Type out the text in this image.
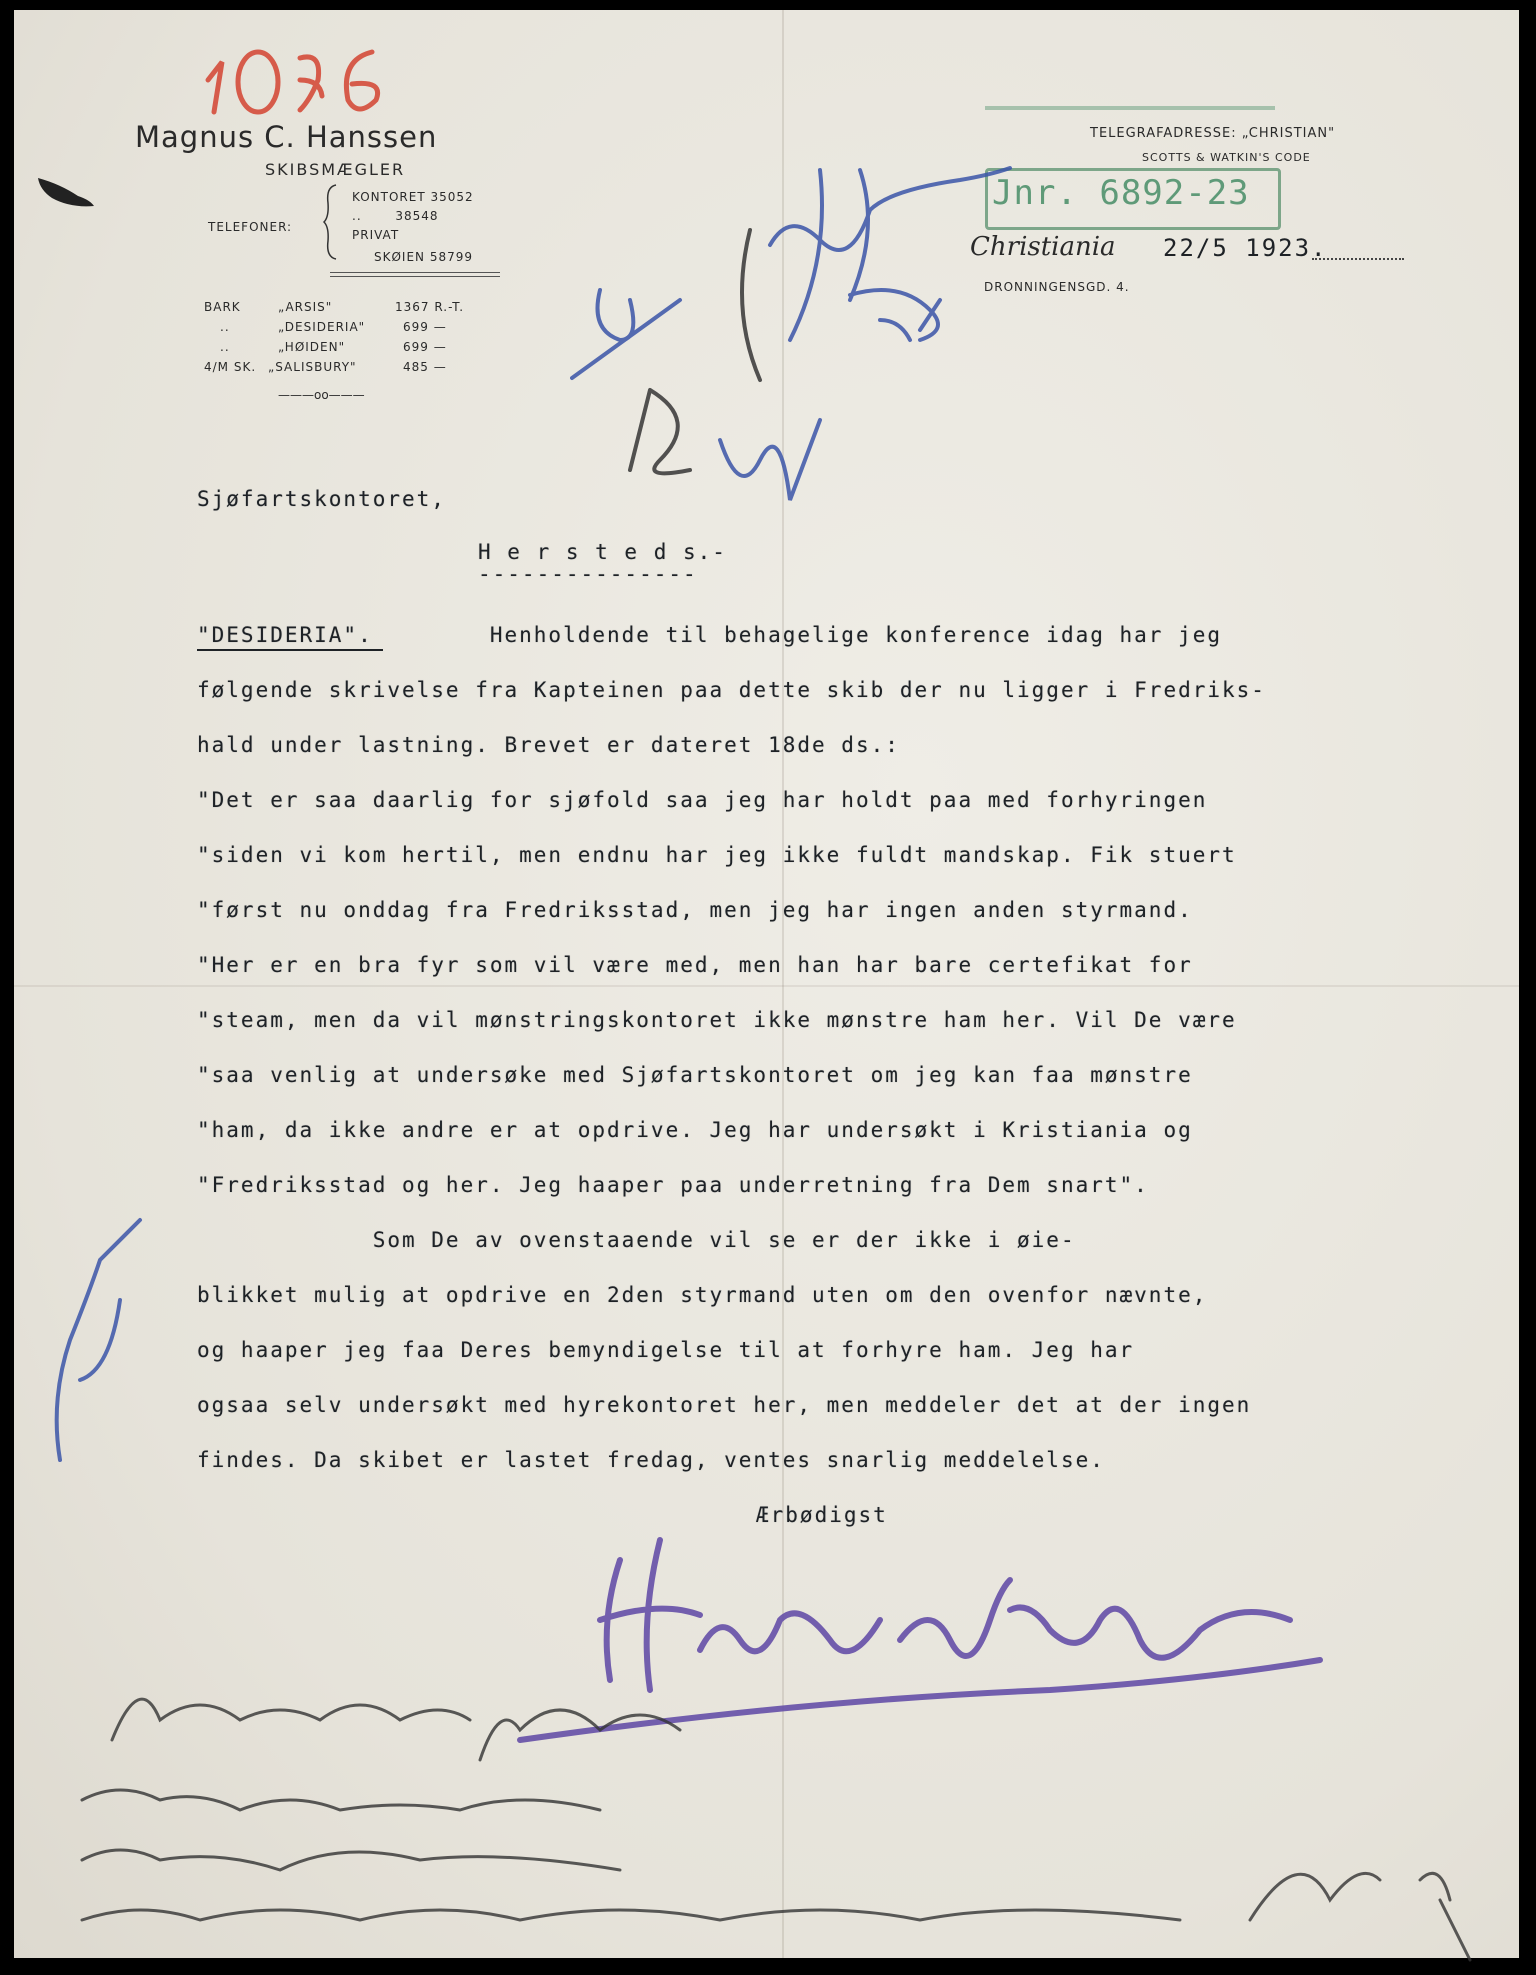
Magnus C. Hanssen
SKIBSMÆGLER
TELEFONER:
KONTORET 35052
..       38548
PRIVAT
SKØIEN 58799
BARK	„ARSIS"	1367 R.-T.
..	„DESIDERIA"	699 —
..	„HØIDEN"	699 —
4/M SK. „SALISBURY"	485 —
———oo———
TELEGRAFADRESSE: „CHRISTIAN"
SCOTTS & WATKIN'S CODE
Christiania 22/5 1923.
DRONNINGENSGD. 4.
Jnr. 6892-23
Sjøfartskontoret,
H e r s t e d s.-
---------------
"DESIDERIA".        Henholdende til behagelige konference idag har jeg
følgende skrivelse fra Kapteinen paa dette skib der nu ligger i Fredriks-
hald under lastning. Brevet er dateret 18de ds.:
"Det er saa daarlig for sjøfold saa jeg har holdt paa med forhyringen
"siden vi kom hertil, men endnu har jeg ikke fuldt mandskap. Fik stuert
"først nu onddag fra Fredriksstad, men jeg har ingen anden styrmand.
"Her er en bra fyr som vil være med, men han har bare certefikat for
"steam, men da vil mønstringskontoret ikke mønstre ham her. Vil De være
"saa venlig at undersøke med Sjøfartskontoret om jeg kan faa mønstre
"ham, da ikke andre er at opdrive. Jeg har undersøkt i Kristiania og
"Fredriksstad og her. Jeg haaper paa underretning fra Dem snart".
Som De av ovenstaaende vil se er der ikke i øie-
blikket mulig at opdrive en 2den styrmand uten om den ovenfor nævnte,
og haaper jeg faa Deres bemyndigelse til at forhyre ham. Jeg har
ogsaa selv undersøkt med hyrekontoret her, men meddeler det at der ingen
findes. Da skibet er lastet fredag, ventes snarlig meddelelse.
Ærbødigst
